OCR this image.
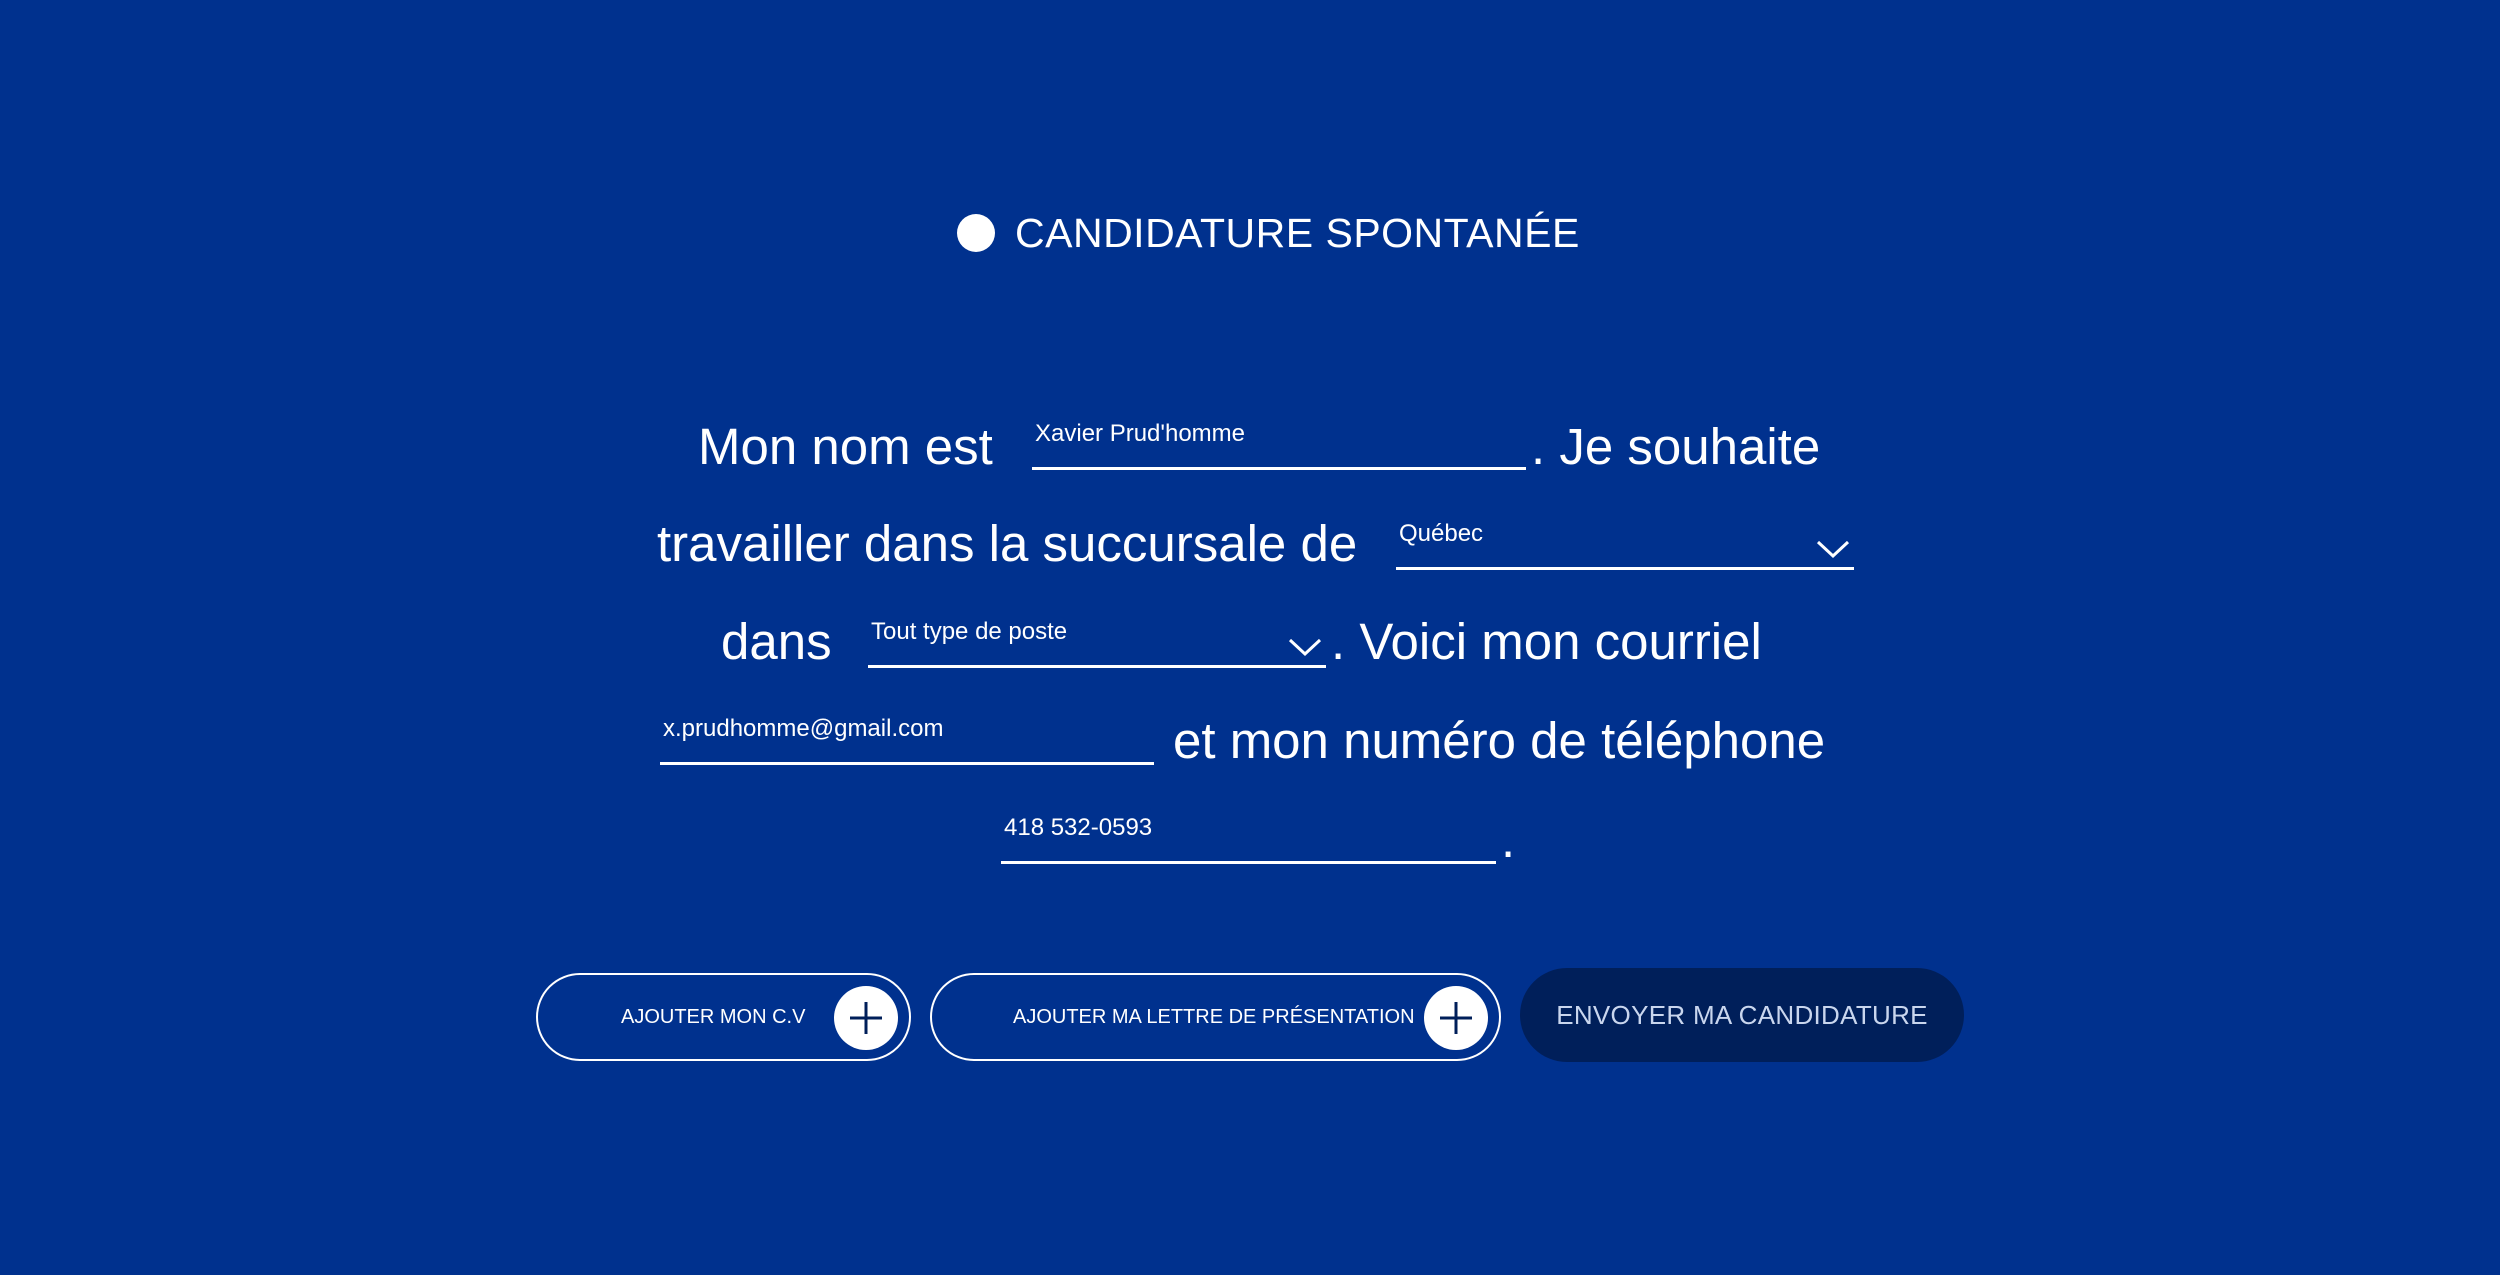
CANDIDATURE SPONTANÉE
Mon nom est Xavier Prud'homme	. Je souhaite
travailler dans la succursale de Québec
dans Tout type de poste	. Voici mon courriel
x.prudhomme@gmail.com	et mon numéro de téléphone
418 532-0593	.
AJOUTER MON C.V	AJOUTER MA LETTRE DE PRÉSENTATION	ENVOYER MA CANDIDATURE
